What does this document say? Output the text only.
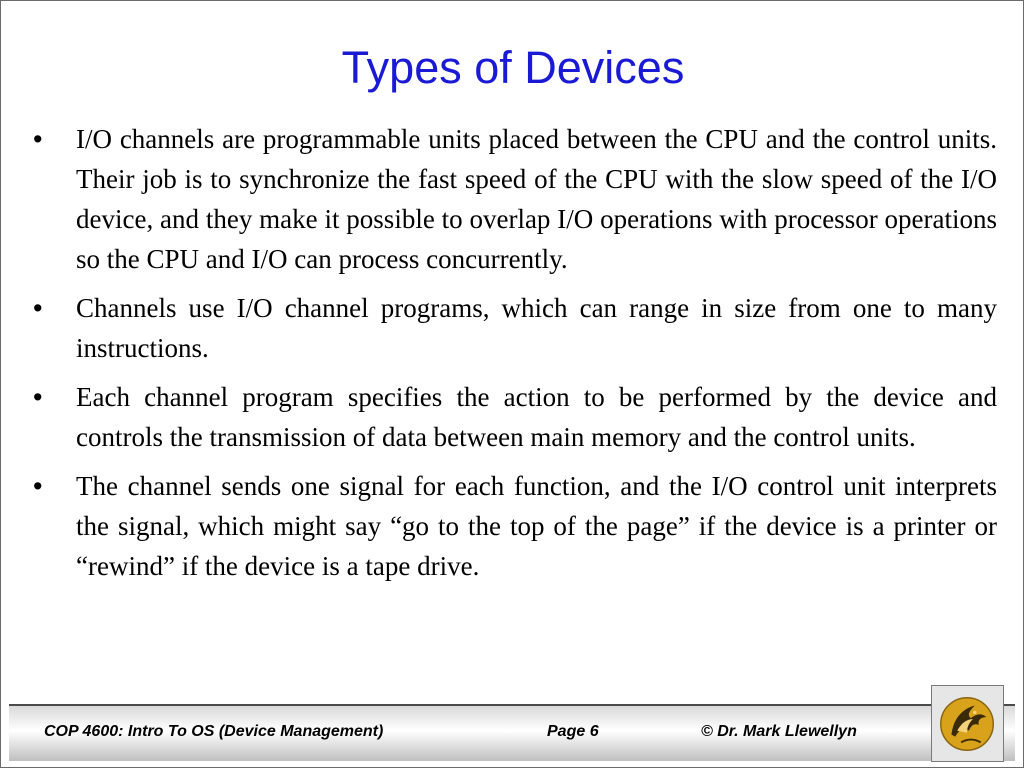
Types of Devices
• I/O channels are programmable units placed between the CPU and the control units. Their job is to synchronize the fast speed of the CPU with the slow speed of the I/O device, and they make it possible to overlap I/O operations with processor operations so the CPU and I/O can process concurrently.
• Channels use I/O channel programs, which can range in size from one to many instructions.
• Each channel program specifies the action to be performed by the device and controls the transmission of data between main memory and the control units.
• The channel sends one signal for each function, and the I/O control unit interprets the signal, which might say “go to the top of the page” if the device is a printer or “rewind” if the device is a tape drive.
COP 4600: Intro To OS (Device Management)	Page 6	© Dr. Mark Llewellyn
